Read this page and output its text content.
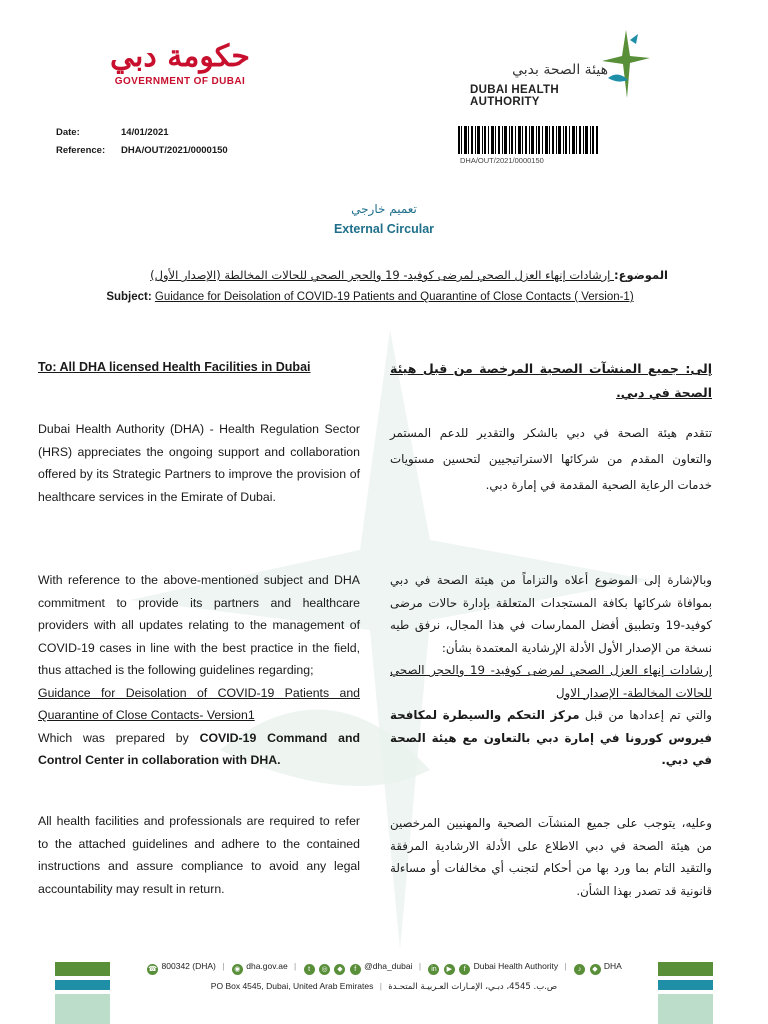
حكومة دبي
GOVERNMENT OF DUBAI
هيئة الصحة بدبي
DUBAI HEALTH AUTHORITY
Date:	14/01/2021
Reference:	DHA/OUT/2021/0000150
DHA/OUT/2021/0000150
تعميم خارجي
External Circular
الموضوع: إرشادات إنهاء العزل الصحي لمرضى كوفيد- 19 والحجر الصحي للحالات المخالطة (الإصدار الأول)
Subject: Guidance for Deisolation of COVID-19 Patients and Quarantine of Close Contacts ( Version-1)
To: All DHA licensed Health Facilities in Dubai
Dubai Health Authority (DHA) - Health Regulation Sector (HRS) appreciates the ongoing support and collaboration offered by its Strategic Partners to improve the provision of healthcare services in the Emirate of Dubai.
With reference to the above-mentioned subject and DHA commitment to provide its partners and healthcare providers with all updates relating to the management of COVID-19 cases in line with the best practice in the field, thus attached is the following guidelines regarding;
Guidance for Deisolation of COVID-19 Patients and Quarantine of Close Contacts- Version1
Which was prepared by COVID-19 Command and Control Center in collaboration with DHA.
All health facilities and professionals are required to refer to the attached guidelines and adhere to the contained instructions and assure compliance to avoid any legal accountability may result in return.
إلى: جميع المنشآت الصحية المرخصة من قبل هيئة الصحة في دبي.
تتقدم هيئة الصحة في دبي بالشكر والتقدير للدعم المستمر والتعاون المقدم من شركائها الاستراتيجيين لتحسين مستويات خدمات الرعاية الصحية المقدمة في إمارة دبي.
وبالإشارة إلى الموضوع أعلاه والتزاماً من هيئة الصحة في دبي بموافاة شركائها بكافة المستجدات المتعلقة بإدارة حالات مرضى كوفيد-19 وتطبيق أفضل الممارسات في هذا المجال، نرفق طيه نسخة من الإصدار الأول الأدلة الإرشادية المعتمدة بشأن:
إرشادات إنهاء العزل الصحي لمرضى كوفيد- 19 والحجر الصحي للحالات المخالطة- الإصدار الاول
والتي تم إعدادها من قبل مركز التحكم والسيطرة لمكافحة فيروس كورونا في إمارة دبي بالتعاون مع هيئة الصحة في دبي.
وعليه، يتوجب على جميع المنشآت الصحية والمهنيين المرخصين من هيئة الصحة في دبي الاطلاع على الأدلة الارشادية المرفقة والتقيد التام بما ورد بها من أحكام لتجنب أي مخالفات أو مساءلة قانونية قد تصدر بهذا الشأن.
☎ 800342 (DHA) | ◉ dha.gov.ae | t ◎ ◆ f @dha_dubai | in ▶ f Dubai Health Authority | ♪ ◆ DHA
PO Box 4545, Dubai, United Arab Emirates | ص.ب. 4545، دبـي، الإمـارات العـربيـة المتحـدة
